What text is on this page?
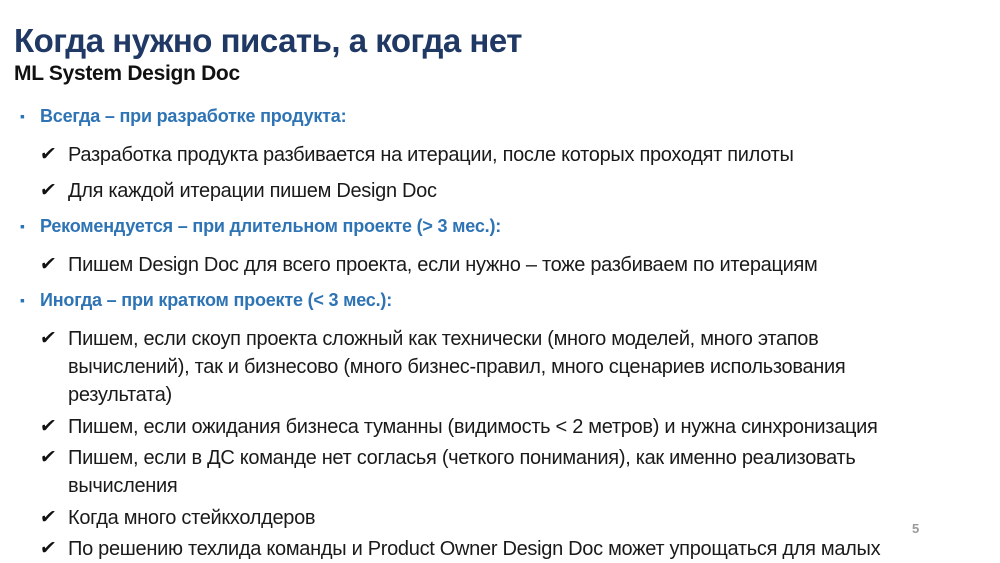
Когда нужно писать, а когда нет
ML System Design Doc
▪ Всегда – при разработке продукта:
✔ Разработка продукта разбивается на итерации, после которых проходят пилоты
✔ Для каждой итерации пишем Design Doc
▪ Рекомендуется – при длительном проекте (> 3 мес.):
✔ Пишем Design Doc для всего проекта, если нужно – тоже разбиваем по итерациям
▪ Иногда – при кратком проекте (< 3 мес.):
✔ Пишем, если скоуп проекта сложный как технически (много моделей, много этапов вычислений), так и бизнесово (много бизнес-правил, много сценариев использования результата)
✔ Пишем, если ожидания бизнеса туманны (видимость < 2 метров) и нужна синхронизация
✔ Пишем, если в ДС команде нет согласья (четкого понимания), как именно реализовать вычисления
✔ Когда много стейкхолдеров
✔ По решению техлида команды и Product Owner Design Doc может упрощаться для малых
5
